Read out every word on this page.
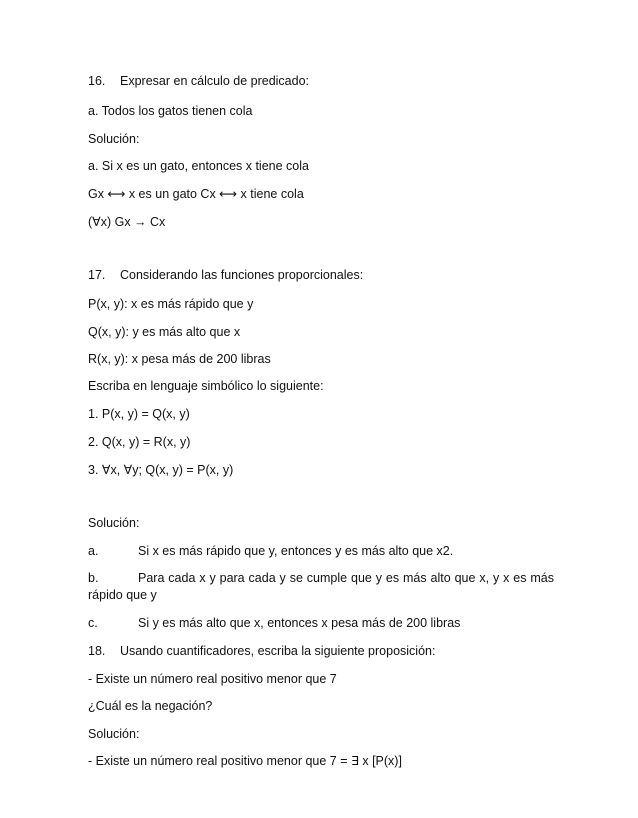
16. Expresar en cálculo de predicado:
a. Todos los gatos tienen cola
Solución:
a. Si x es un gato, entonces x tiene cola
Gx ⟷ x es un gato Cx ⟷ x tiene cola
(∀x) Gx → Cx
17. Considerando las funciones proporcionales:
P(x, y): x es más rápido que y
Q(x, y): y es más alto que x
R(x, y): x pesa más de 200 libras
Escriba en lenguaje simbólico lo siguiente:
1. P(x, y) = Q(x, y)
2. Q(x, y) = R(x, y)
3. ∀x, ∀y; Q(x, y) = P(x, y)
Solución:
a.	Si x es más rápido que y, entonces y es más alto que x2.
b.	Para cada x y para cada y se cumple que y es más alto que x, y x es más rápido que y
c.	Si y es más alto que x, entonces x pesa más de 200 libras
18. Usando cuantificadores, escriba la siguiente proposición:
- Existe un número real positivo menor que 7
¿Cuál es la negación?
Solución:
- Existe un número real positivo menor que 7 = ∃ x [P(x)]
